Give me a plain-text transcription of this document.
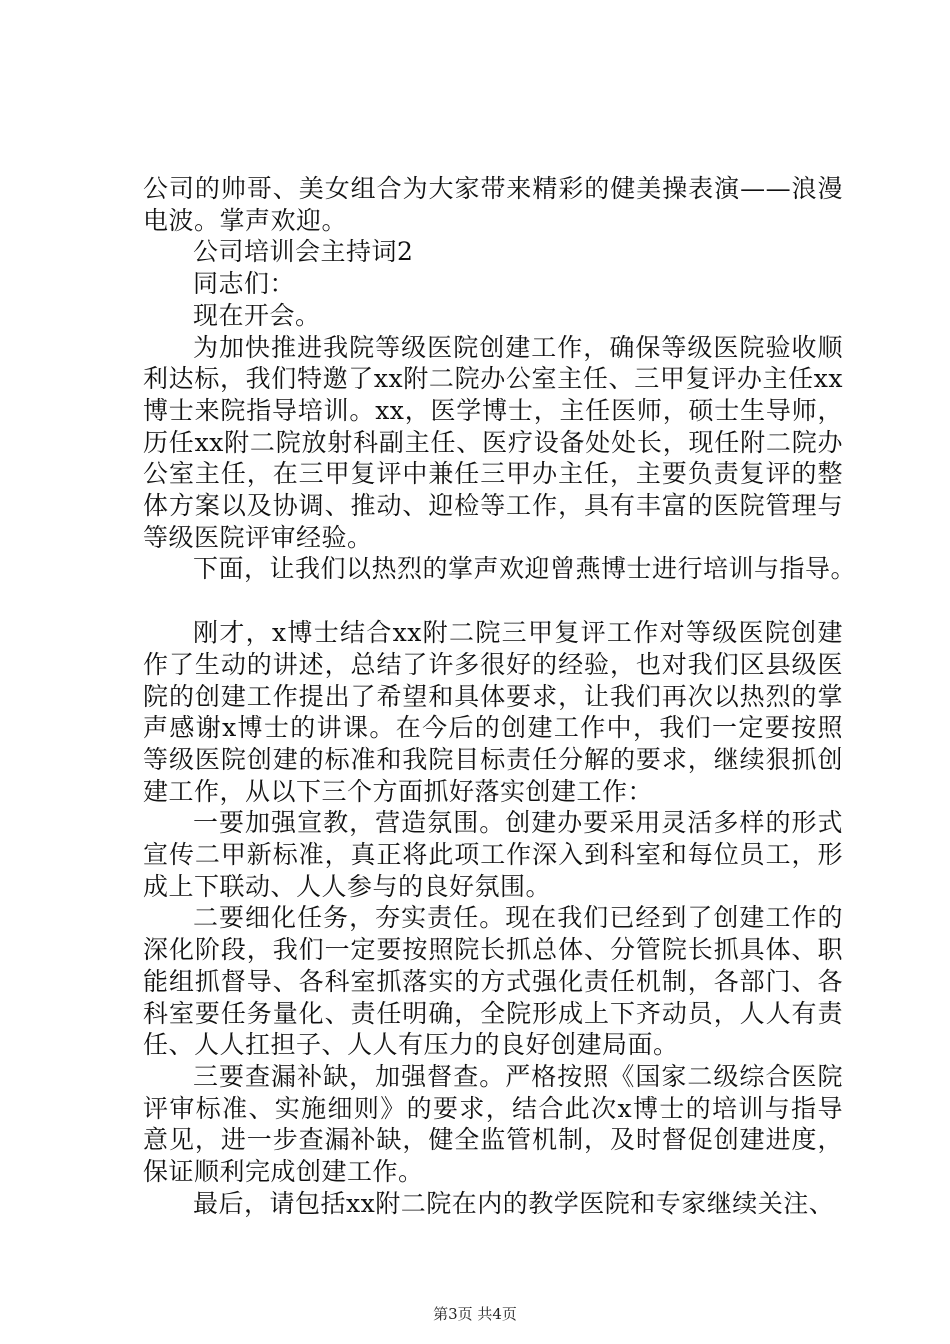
公司的帅哥、美女组合为大家带来精彩的健美操表演——浪漫电波。掌声欢迎。

公司培训会主持词2

同志们：

现在开会。

为加快推进我院等级医院创建工作，确保等级医院验收顺利达标，我们特邀了xx附二院办公室主任、三甲复评办主任xx博士来院指导培训。xx，医学博士，主任医师，硕士生导师，历任xx附二院放射科副主任、医疗设备处处长，现任附二院办公室主任，在三甲复评中兼任三甲办主任，主要负责复评的整体方案以及协调、推动、迎检等工作，具有丰富的医院管理与等级医院评审经验。

下面，让我们以热烈的掌声欢迎曾燕博士进行培训与指导。

刚才，x博士结合xx附二院三甲复评工作对等级医院创建作了生动的讲述，总结了许多很好的经验，也对我们区县级医院的创建工作提出了希望和具体要求，让我们再次以热烈的掌声感谢x博士的讲课。在今后的创建工作中，我们一定要按照等级医院创建的标准和我院目标责任分解的要求，继续狠抓创建工作，从以下三个方面抓好落实创建工作：

一要加强宣教，营造氛围。创建办要采用灵活多样的形式宣传二甲新标准，真正将此项工作深入到科室和每位员工，形成上下联动、人人参与的良好氛围。

二要细化任务，夯实责任。现在我们已经到了创建工作的深化阶段，我们一定要按照院长抓总体、分管院长抓具体、职能组抓督导、各科室抓落实的方式强化责任机制，各部门、各科室要任务量化、责任明确，全院形成上下齐动员，人人有责任、人人扛担子、人人有压力的良好创建局面。

三要查漏补缺，加强督查。严格按照《国家二级综合医院评审标准、实施细则》的要求，结合此次x博士的培训与指导意见，进一步查漏补缺，健全监管机制，及时督促创建进度，保证顺利完成创建工作。

最后，请包括xx附二院在内的教学医院和专家继续关注、

第3页 共4页
